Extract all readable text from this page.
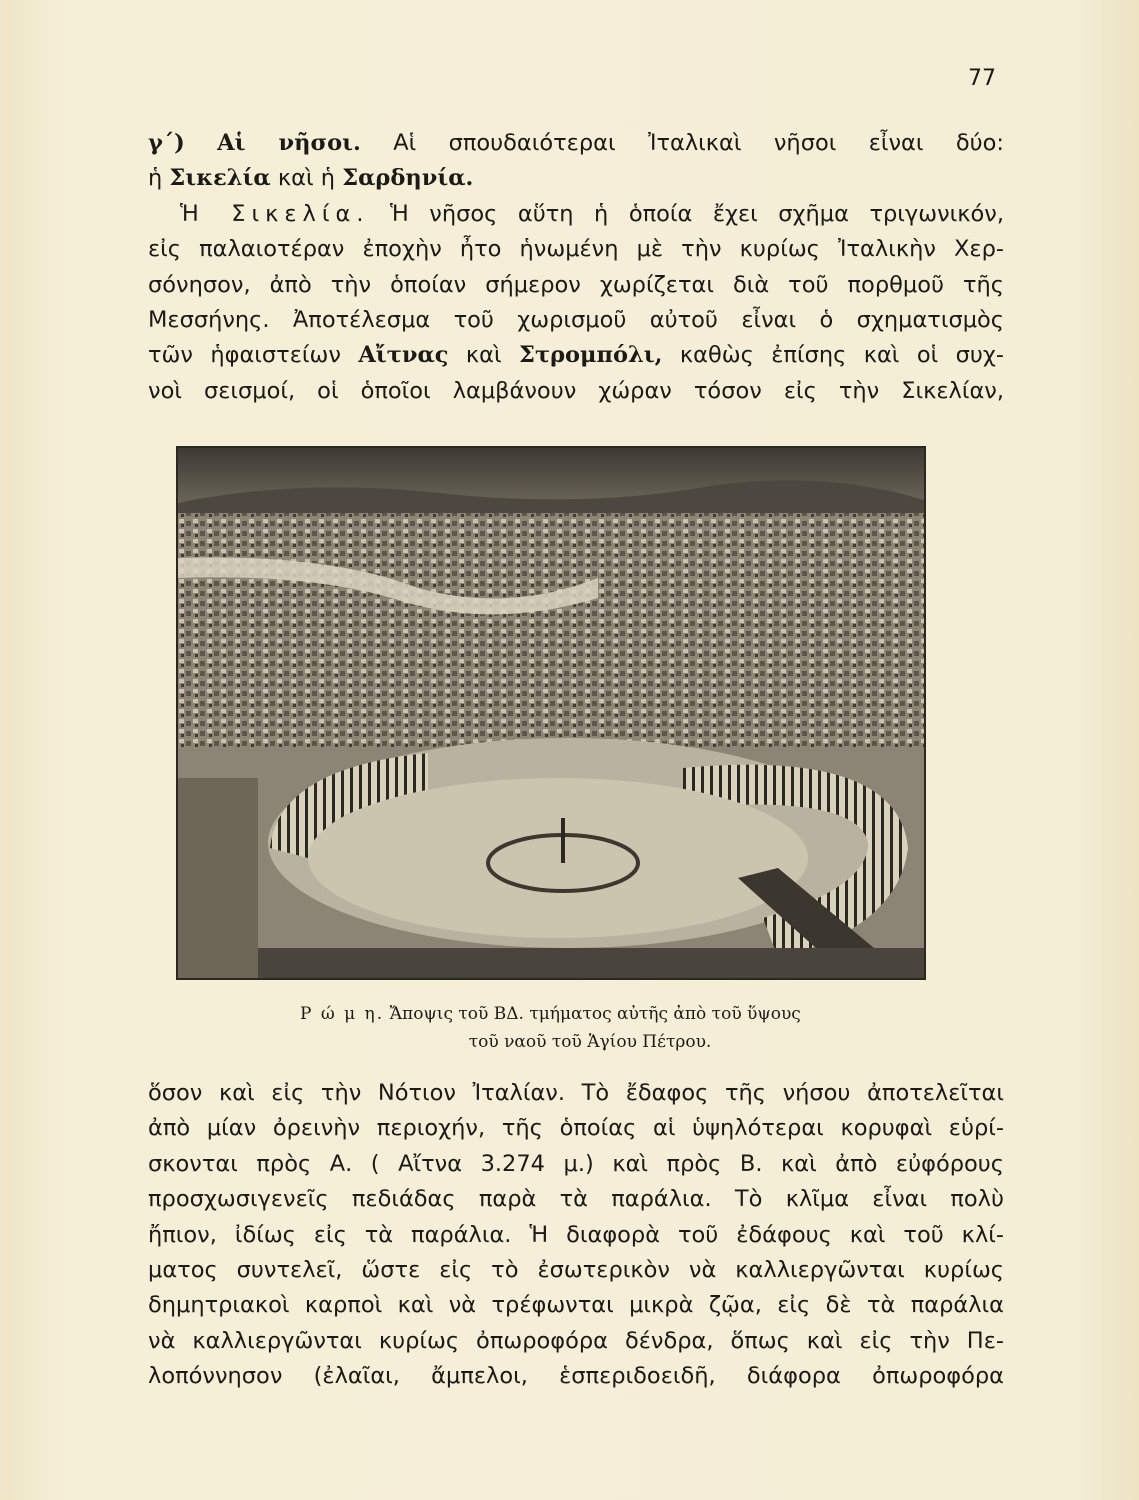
77
γ΄) Αἱ νῆσοι. Αἱ σπουδαιότεραι Ἰταλικαὶ νῆσοι εἶναι δύο:
ἡ Σικελία καὶ ἡ Σαρδηνία.
Ἡ Σικελία. Ἡ νῆσος αὕτη ἡ ὁποία ἔχει σχῆμα τριγωνικόν,
εἰς παλαιοτέραν ἐποχὴν ἦτο ἡνωμένη μὲ τὴν κυρίως Ἰταλικὴν Χερ-
σόνησον, ἀπὸ τὴν ὁποίαν σήμερον χωρίζεται διὰ τοῦ πορθμοῦ τῆς
Μεσσήνης. Ἀποτέλεσμα τοῦ χωρισμοῦ αὐτοῦ εἶναι ὁ σχηματισμὸς
τῶν ἡφαιστείων Αἴτνας καὶ Στρομπόλι, καθὼς ἐπίσης καὶ οἱ συχ-
νοὶ σεισμοί, οἱ ὁποῖοι λαμβάνουν χώραν τόσον εἰς τὴν Σικελίαν,
Ρ ώ μ η. Ἄποψις τοῦ ΒΔ. τμήματος αὐτῆς ἀπὸ τοῦ ὕψους
τοῦ ναοῦ τοῦ Ἁγίου Πέτρου.
ὅσον καὶ εἰς τὴν Νότιον Ἰταλίαν. Τὸ ἔδαφος τῆς νήσου ἀποτελεῖται
ἀπὸ μίαν ὀρεινὴν περιοχήν, τῆς ὁποίας αἱ ὑψηλότεραι κορυφαὶ εὑρί-
σκονται πρὸς Α. ( Αἴτνα 3.274 μ.) καὶ πρὸς Β. καὶ ἀπὸ εὐφόρους
προσχωσιγενεῖς πεδιάδας παρὰ τὰ παράλια. Τὸ κλῖμα εἶναι πολὺ
ἤπιον, ἰδίως εἰς τὰ παράλια. Ἡ διαφορὰ τοῦ ἐδάφους καὶ τοῦ κλί-
ματος συντελεῖ, ὥστε εἰς τὸ ἐσωτερικὸν νὰ καλλιεργῶνται κυρίως
δημητριακοὶ καρποὶ καὶ νὰ τρέφωνται μικρὰ ζῷα, εἰς δὲ τὰ παράλια
νὰ καλλιεργῶνται κυρίως ὀπωροφόρα δένδρα, ὅπως καὶ εἰς τὴν Πε-
λοπόννησον (ἐλαῖαι, ἄμπελοι, ἑσπεριδοειδῆ, διάφορα ὀπωροφόρα
